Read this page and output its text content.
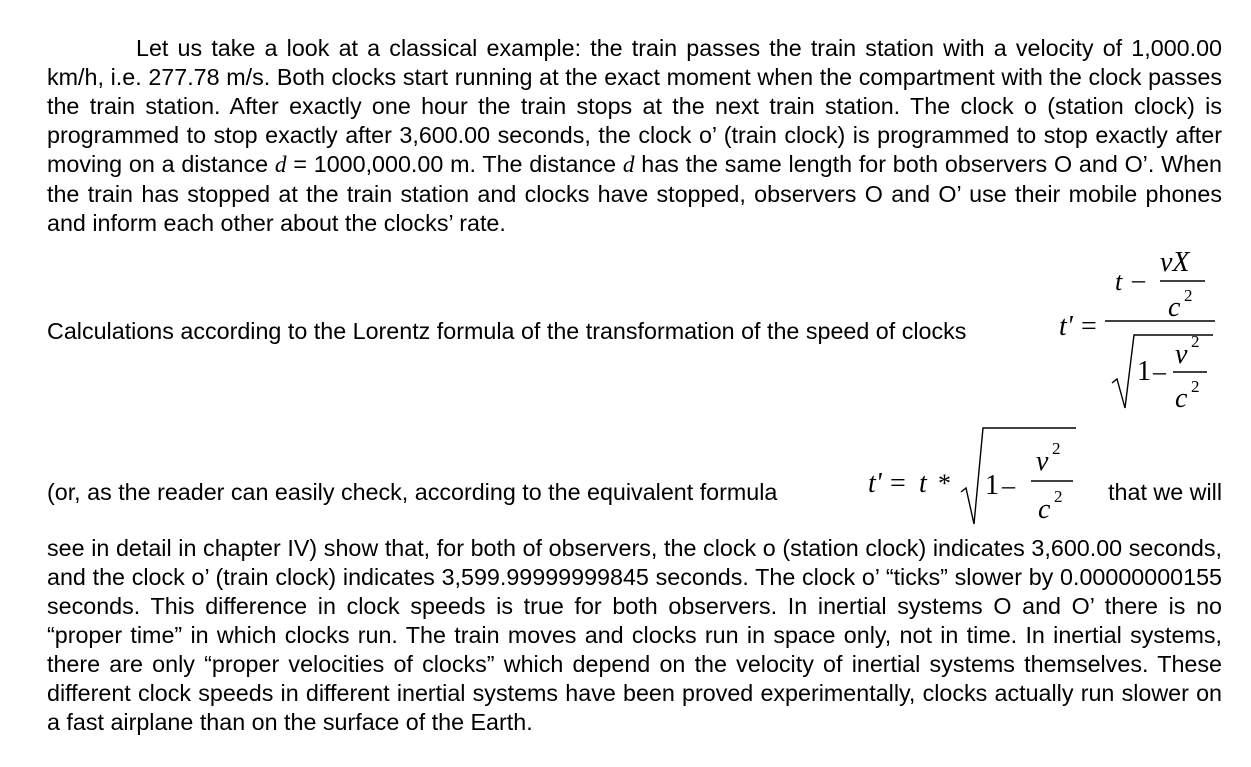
Let us take a look at a classical example: the train passes the train station with a velocity of 1,000.00 km/h, i.e. 277.78 m/s. Both clocks start running at the exact moment when the compartment with the clock passes the train station. After exactly one hour the train stops at the next train station. The clock o (station clock) is programmed to stop exactly after 3,600.00 seconds, the clock o’ (train clock) is programmed to stop exactly after moving on a distance d = 1000,000.00 m. The distance d has the same length for both observers O and O’. When the train has stopped at the train station and clocks have stopped, observers O and O’ use their mobile phones and inform each other about the clocks’ rate.

Calculations according to the Lorentz formula of the transformation of the speed of clocks	t' =
t –
vX
c 2
1 –
v 2
c 2
(or, as the reader can easily check, according to the equivalent formula	that we will
t' = t * 1 –
v 2
c 2

see in detail in chapter IV) show that, for both of observers, the clock o (station clock) indicates 3,600.00 seconds, and the clock o’ (train clock) indicates 3,599.99999999845 seconds. The clock o’ “ticks” slower by 0.00000000155 seconds. This difference in clock speeds is true for both observers. In inertial systems O and O’ there is no “proper time” in which clocks run. The train moves and clocks run in space only, not in time. In inertial systems, there are only “proper velocities of clocks” which depend on the velocity of inertial systems themselves. These different clock speeds in different inertial systems have been proved experimentally, clocks actually run slower on a fast airplane than on the surface of the Earth.
